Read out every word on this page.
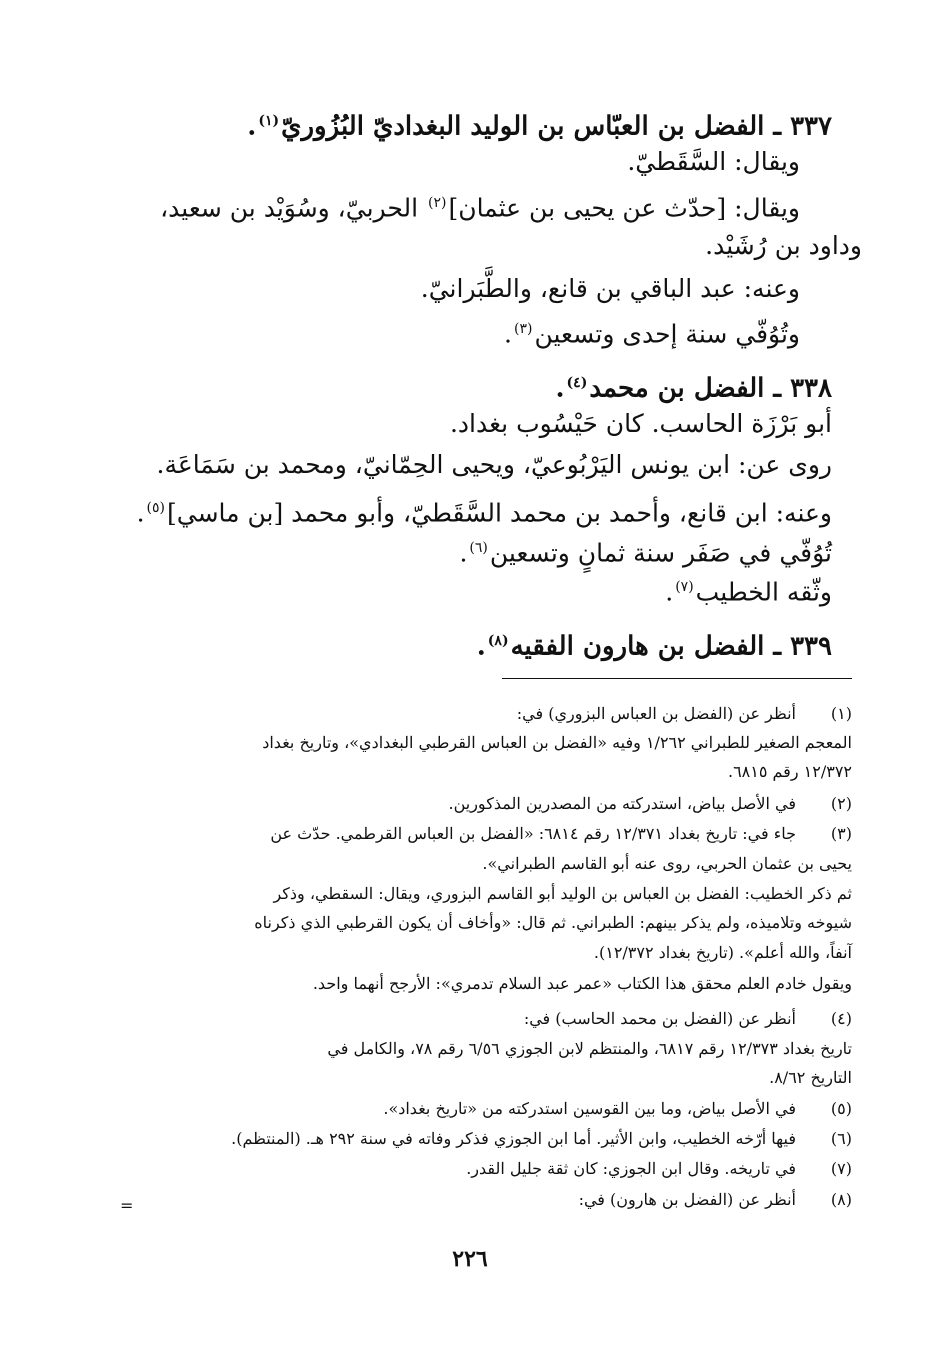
٣٣٧ ـ الفضل بن العبّاس بن الوليد البغداديّ البُزُوريّ$^{(١)}$.
ويقال: السَّقَطيّ.
ويقال: [حدّث عن يحيى بن عثمان]$^{(٢)}$ الحربيّ، وسُوَيْد بن سعيد،
وداود بن رُشَيْد.
وعنه: عبد الباقي بن قانع، والطَّبَرانيّ.
وتُوُفّي سنة إحدى وتسعين$^{(٣)}$.
٣٣٨ ـ الفضل بن محمد$^{(٤)}$.
أبو بَرْزَة الحاسب. كان حَيْسُوب بغداد.
روى عن: ابن يونس اليَرْبُوعيّ، ويحيى الحِمّانيّ، ومحمد بن سَمَاعَة.
وعنه: ابن قانع، وأحمد بن محمد السَّقَطيّ، وأبو محمد [بن ماسي]$^{(٥)}$.
تُوُفّي في صَفَر سنة ثمانٍ وتسعين$^{(٦)}$.
وثّقه الخطيب$^{(٧)}$.
٣٣٩ ـ الفضل بن هارون الفقيه$^{(٨)}$.
(١)
أنظر عن (الفضل بن العباس البزوري) في:
المعجم الصغير للطبراني ١/٢٦٢ وفيه «الفضل بن العباس القرطبي البغدادي»، وتاريخ بغداد
١٢/٣٧٢ رقم ٦٨١٥.
(٢)
في الأصل بياض، استدركته من المصدرين المذكورين.
(٣)
جاء في: تاريخ بغداد ١٢/٣٧١ رقم ٦٨١٤: «الفضل بن العباس القرطمي. حدّث عن
يحيى بن عثمان الحربي، روى عنه أبو القاسم الطبراني».
ثم ذكر الخطيب: الفضل بن العباس بن الوليد أبو القاسم البزوري، ويقال: السقطي، وذكر
شيوخه وتلاميذه، ولم يذكر بينهم: الطبراني. ثم قال: «وأخاف أن يكون القرطبي الذي ذكرناه
آنفاً، والله أعلم». (تاريخ بغداد ١٢/٣٧٢).
ويقول خادم العلم محقق هذا الكتاب «عمر عبد السلام تدمري»: الأرجح أنهما واحد.
(٤)
أنظر عن (الفضل بن محمد الحاسب) في:
تاريخ بغداد ١٢/٣٧٣ رقم ٦٨١٧، والمنتظم لابن الجوزي ٦/٥٦ رقم ٧٨، والكامل في
التاريخ ٨/٦٢.
(٥)
في الأصل بياض، وما بين القوسين استدركته من «تاريخ بغداد».
(٦)
فيها أرّخه الخطيب، وابن الأثير. أما ابن الجوزي فذكر وفاته في سنة ٢٩٢ هـ. (المنتظم).
(٧)
في تاريخه. وقال ابن الجوزي: كان ثقة جليل القدر.
(٨)
أنظر عن (الفضل بن هارون) في:
=
٢٢٦
